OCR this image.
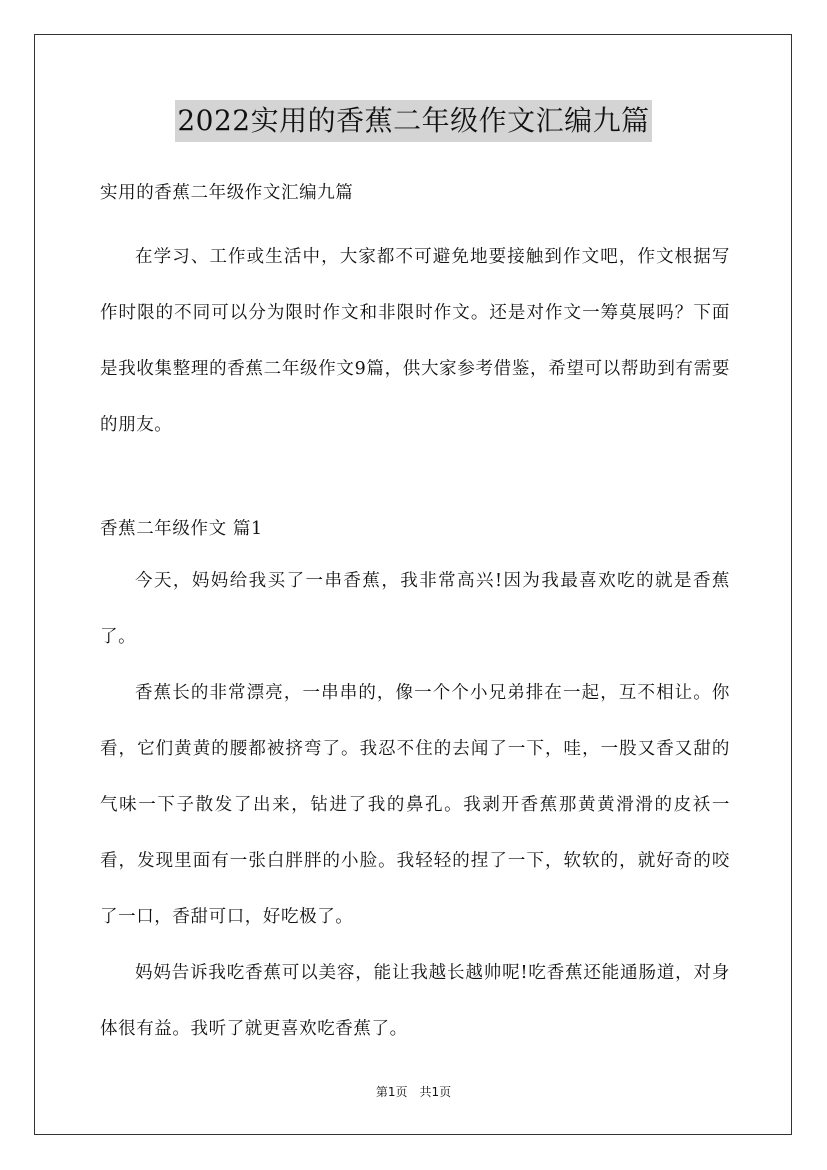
2022实用的香蕉二年级作文汇编九篇

实用的香蕉二年级作文汇编九篇

在学习、工作或生活中，大家都不可避免地要接触到作文吧，作文根据写作时限的不同可以分为限时作文和非限时作文。还是对作文一筹莫展吗？下面是我收集整理的香蕉二年级作文9篇，供大家参考借鉴，希望可以帮助到有需要的朋友。

香蕉二年级作文 篇1

今天，妈妈给我买了一串香蕉，我非常高兴!因为我最喜欢吃的就是香蕉了。

香蕉长的非常漂亮，一串串的，像一个个小兄弟排在一起，互不相让。你看，它们黄黄的腰都被挤弯了。我忍不住的去闻了一下，哇，一股又香又甜的气味一下子散发了出来，钻进了我的鼻孔。我剥开香蕉那黄黄滑滑的皮袄一看，发现里面有一张白胖胖的小脸。我轻轻的捏了一下，软软的，就好奇的咬了一口，香甜可口，好吃极了。

妈妈告诉我吃香蕉可以美容，能让我越长越帅呢!吃香蕉还能通肠道，对身体很有益。我听了就更喜欢吃香蕉了。

第1页 共1页
